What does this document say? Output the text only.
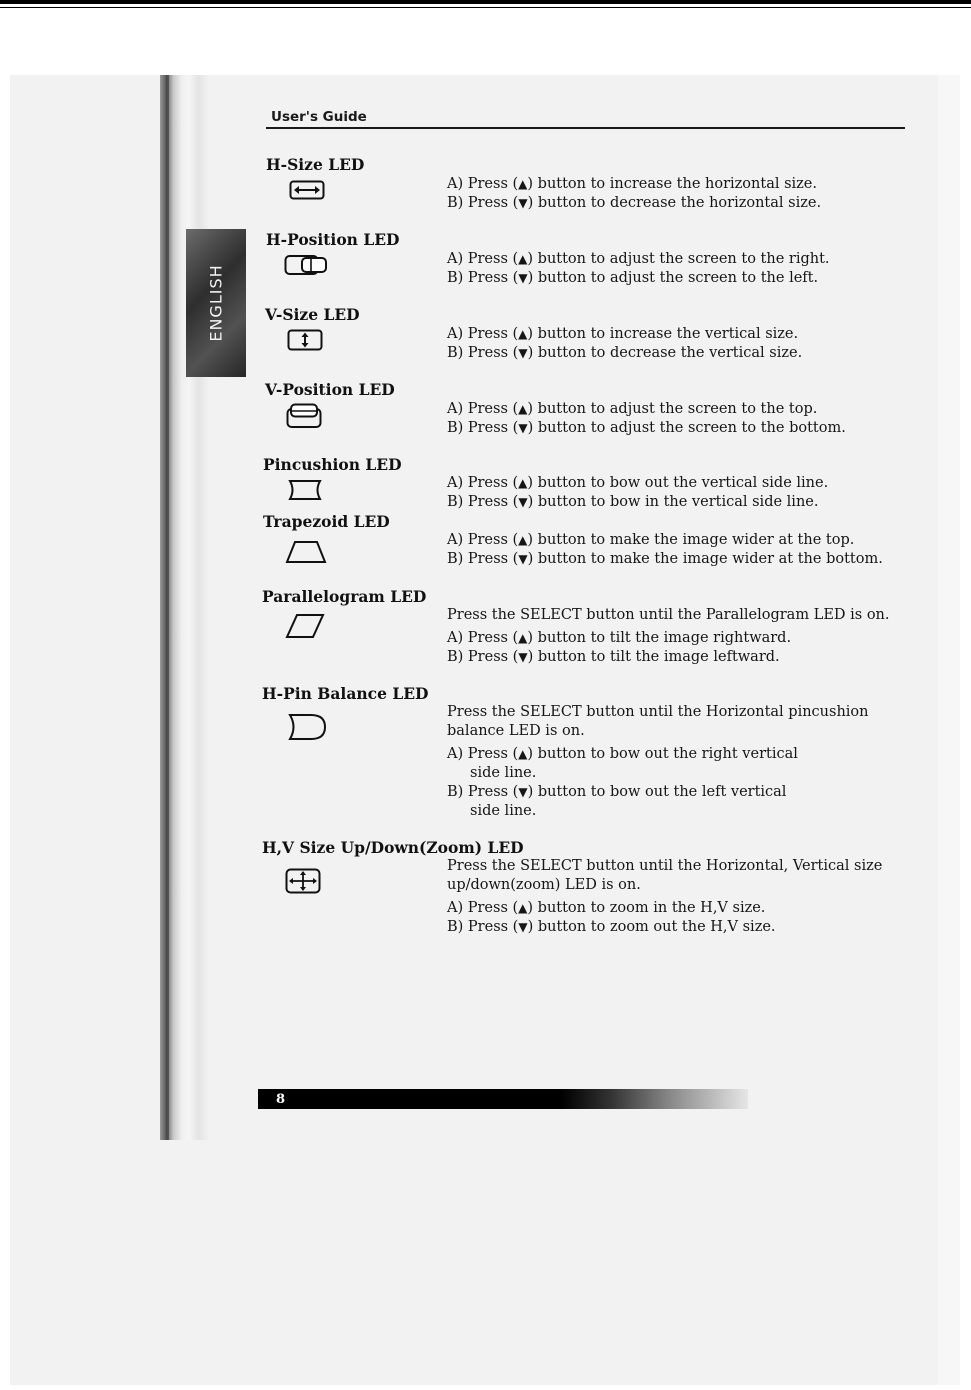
ENGLISH
User's Guide
H-Size LED

A) Press (▲) button to increase the horizontal size.

B) Press (▼) button to decrease the horizontal size.

H-Position LED

A) Press (▲) button to adjust the screen to the right.

B) Press (▼) button to adjust the screen to the left.

V-Size LED

A) Press (▲) button to increase the vertical size.

B) Press (▼) button to decrease the vertical size.

V-Position LED

A) Press (▲) button to adjust the screen to the top.

B) Press (▼) button to adjust the screen to the bottom.

Pincushion LED

A) Press (▲) button to bow out the vertical side line.

B) Press (▼) button to bow in the vertical side line.

Trapezoid LED

A) Press (▲) button to make the image wider at the top.

B) Press (▼) button to make the image wider at the bottom.

Parallelogram LED

Press the SELECT button until the Parallelogram LED is on.

A) Press (▲) button to tilt the image rightward.

B) Press (▼) button to tilt the image leftward.

H-Pin Balance LED

Press the SELECT button until the Horizontal pincushion balance LED is on.

A) Press (▲) button to bow out the right vertical

side line.

B) Press (▼) button to bow out the left vertical

side line.

H,V Size Up/Down(Zoom) LED

Press the SELECT button until the Horizontal, Vertical size up/down(zoom) LED is on.

A) Press (▲) button to zoom in the H,V size.

B) Press (▼) button to zoom out the H,V size.

8
